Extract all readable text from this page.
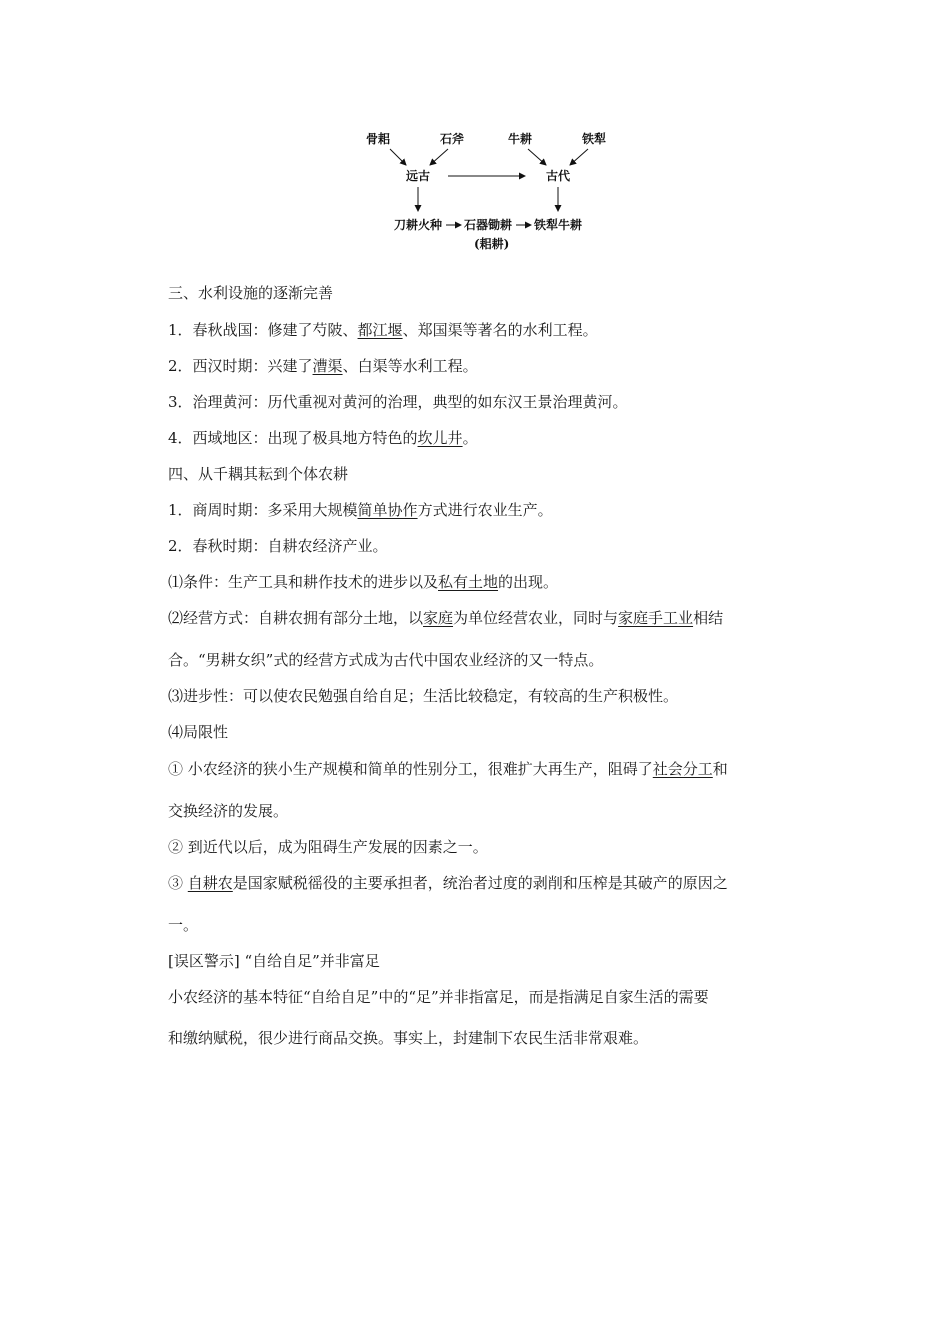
骨耜	石斧	牛耕	铁犁
远古	古代
刀耕火种 石器锄耕 铁犁牛耕
(耜耕)
三、水利设施的逐渐完善
1．春秋战国：修建了芍陂、都江堰、郑国渠等著名的水利工程。
2．西汉时期：兴建了漕渠、白渠等水利工程。
3．治理黄河：历代重视对黄河的治理，典型的如东汉王景治理黄河。
4．西域地区：出现了极具地方特色的坎儿井。
四、从千耦其耘到个体农耕
1．商周时期：多采用大规模简单协作方式进行农业生产。
2．春秋时期：自耕农经济产业。
⑴条件：生产工具和耕作技术的进步以及私有土地的出现。
⑵经营方式：自耕农拥有部分土地，以家庭为单位经营农业，同时与家庭手工业相结
合。“男耕女织”式的经营方式成为古代中国农业经济的又一特点。
⑶进步性：可以使农民勉强自给自足；生活比较稳定，有较高的生产积极性。
⑷局限性
① 小农经济的狭小生产规模和简单的性别分工，很难扩大再生产，阻碍了社会分工和
交换经济的发展。
② 到近代以后，成为阻碍生产发展的因素之一。
③ 自耕农是国家赋税徭役的主要承担者，统治者过度的剥削和压榨是其破产的原因之
一。
[误区警示] “自给自足”并非富足
小农经济的基本特征“自给自足”中的“足”并非指富足，而是指满足自家生活的需要
和缴纳赋税，很少进行商品交换。事实上，封建制下农民生活非常艰难。
